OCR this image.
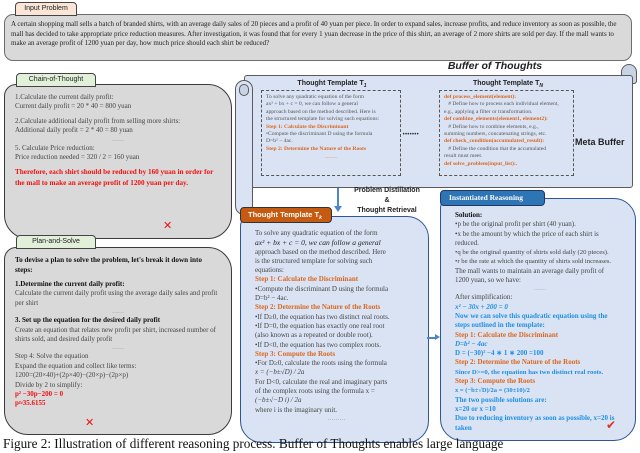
A certain shopping mall sells a batch of branded shirts, with an average daily sales of 20 pieces and a profit of 40 yuan per piece. In order to expand sales, increase profits, and reduce inventory as soon as possible, the mall has decided to take appropriate price reduction measures. After investigation, it was found that for every 1 yuan decrease in the price of this shirt, an average of 2 more shirts are sold per day. If the mall wants to make an average profit of 1200 yuan per day, how much price should each shirt be reduced?
Input Problem
1.Calculate the current daily profit:
Current daily profit = 20 * 40 = 800 yuan
2.Calculate additional daily profit from selling more shirts:
Additional daily profit = 2 * 40 = 80 yuan
……
5. Calculate Price reduction:
Price reduction needed = 320 / 2 = 160 yuan
Therefore, each shirt should be reduced by 160 yuan in order for the mall to make an average profit of 1200 yuan per day.
✕
Chain-of-Thought
To devise a plan to solve the problem, let's break it down into steps:
1.Determine the current daily profit:
Calculate the current daily profit using the average daily sales and profit per shirt
……
3. Set up the equation for the desired daily profit
Create an equation that relates new profit per shirt, increased number of shirts sold, and desired daily profit
……
Step 4: Solve the equation
Expand the equation and collect like terms:
1200=(20×40)+(2p×40)−(20×p)−(2p×p)
Divide by 2 to simplify:
p² −30p−200 = 0
p≈35.6155
✕
Plan-and-Solve
Buffer of Thoughts
Thought Template $T_1$
To solve any quadratic equation of the form
ax² + bx + c = 0, we can follow a general
approach based on the method described. Here is
the structured template for solving such equations:
Step 1: Calculate the Discriminant
•Compute the discriminant D using the formula
D=b² − 4ac.
Step 2: Determine the Nature of the Roots
……
·······
Thought Template $T_N$
def process_element(element):
# Define how to process each individual element,
e.g., applying a filter or transformation.
def combine_elements(element1, element2):
# Define how to combine elements, e.g.,
summing numbers, concatenating strings, etc.
def check_condition(accumulated_result):
# Define the condition that the accumulated
result must meet.
def solve_problem(input_list):.
Meta Buffer
Problem Distillation
&
Thought Retrieval
To solve any quadratic equation of the form
ax² + bx + c = 0, we can follow a general
approach based on the method described. Here
is the structured template for solving such
equations:
Step 1: Calculate the Discriminant
•Compute the discriminant D using the formula
D=b² − 4ac.
Step 2: Determine the Nature of the Roots
•If D≥0, the equation has two distinct real roots.
•If D=0, the equation has exactly one real root
(also known as a repeated or double root).
•If D<0, the equation has two complex roots.
Step 3: Compute the Roots
•For D≥0, calculate the roots using the formula
x = (−b±√D) / 2a
For D<0, calculate the real and imaginary parts
of the complex roots using the formula x =
(−b±√−D i) / 2a
where i is the imaginary unit.
………
Thought Template $T_k$	Solution:
•p be the original profit per shirt (40 yuan).
•x be the amount by which the price of each shirt is
reduced.
•q be the original quantity of shirts sold daily (20 pieces).
•r be the rate at which the quantity of shirts sold increases.
The mall wants to maintain an average daily profit of
1200 yuan, so we have:
……
After simplification:
x² − 30x + 200 = 0
Now we can solve this quadratic equation using the
steps outlined in the template:
Step 1: Calculate the Discriminant
D=b² − 4ac
D = (−30)² −4 ∗ 1 ∗ 200 =100
Step 2: Determine the Nature of the Roots
Since D>=0, the equation has two distinct real roots.
Step 3: Compute the Roots
x = (−b±√D)/2a = (30±10)/2
The two possible solutions are:
x=20 or x =10
Due to reducing inventory as soon as possible, x=20 is
taken	✔
Instantiated Reasoning
Figure 2: Illustration of different reasoning process. Buffer of Thoughts enables large language
